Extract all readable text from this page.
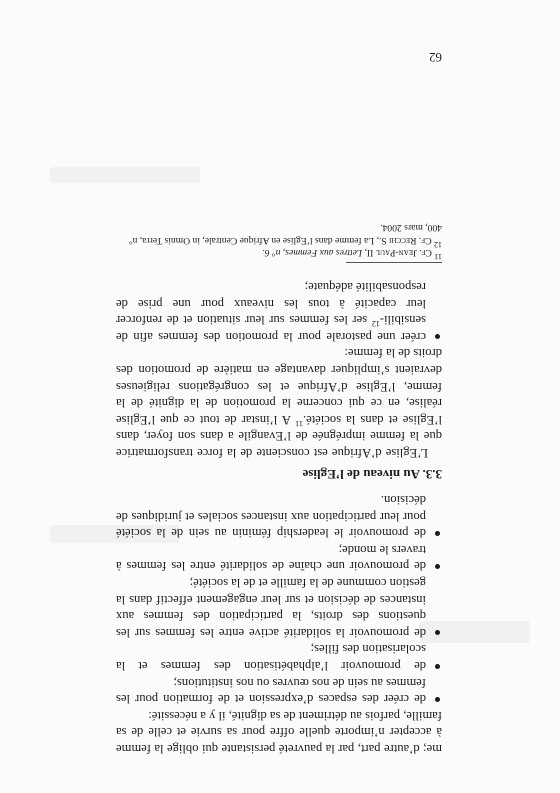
me; d’autre part, par la pauvreté persistante qui oblige la femme à accepter n’importe quelle offre pour sa survie et celle de sa famille, parfois au détriment de sa dignité, il y a nécessité:

de créer des espaces d’expression et de formation pour les femmes au sein de nos œuvres ou nos institutions;
de promouvoir l’alphabétisation des femmes et la scolarisation des filles;
de promouvoir la solidarité active entre les femmes sur les questions des droits, la participation des femmes aux instances de décision et sur leur engagement effectif dans la gestion commune de la famille et de la société;
de promouvoir une chaîne de solidarité entre les femmes à travers le monde;
de promouvoir le leadership féminin au sein de la société pour leur participation aux instances sociales et juridiques de décision.
3.3. Au niveau de l’Eglise

L’Eglise d’Afrique est consciente de la force transformatrice que la femme imprégnée de l’Evangile a dans son foyer, dans l’Eglise et dans la société.$^{11}$ A l’instar de tout ce que l’Eglise réalise, en ce qui concerne la promotion de la dignité de la femme, l’Eglise d’Afrique et les congrégations religieuses devraient s’impliquer davantage en matière de promotion des droits de la femme:

créer une pastorale pour la promotion des femmes afin de sensibili-$^{12}$ ser les femmes sur leur situation et de renforcer leur capacité à tous les niveaux pour une prise de responsabilité adéquate;

$^{11}$ Cf. Jean-Paul II, Lettres aux Femmes, n° 6.

$^{12}$ Cf. Recchi S., La femme dans l’Eglise en Afrique Centrale, in Omnis Terra, n° 400, mars 2004.

62
